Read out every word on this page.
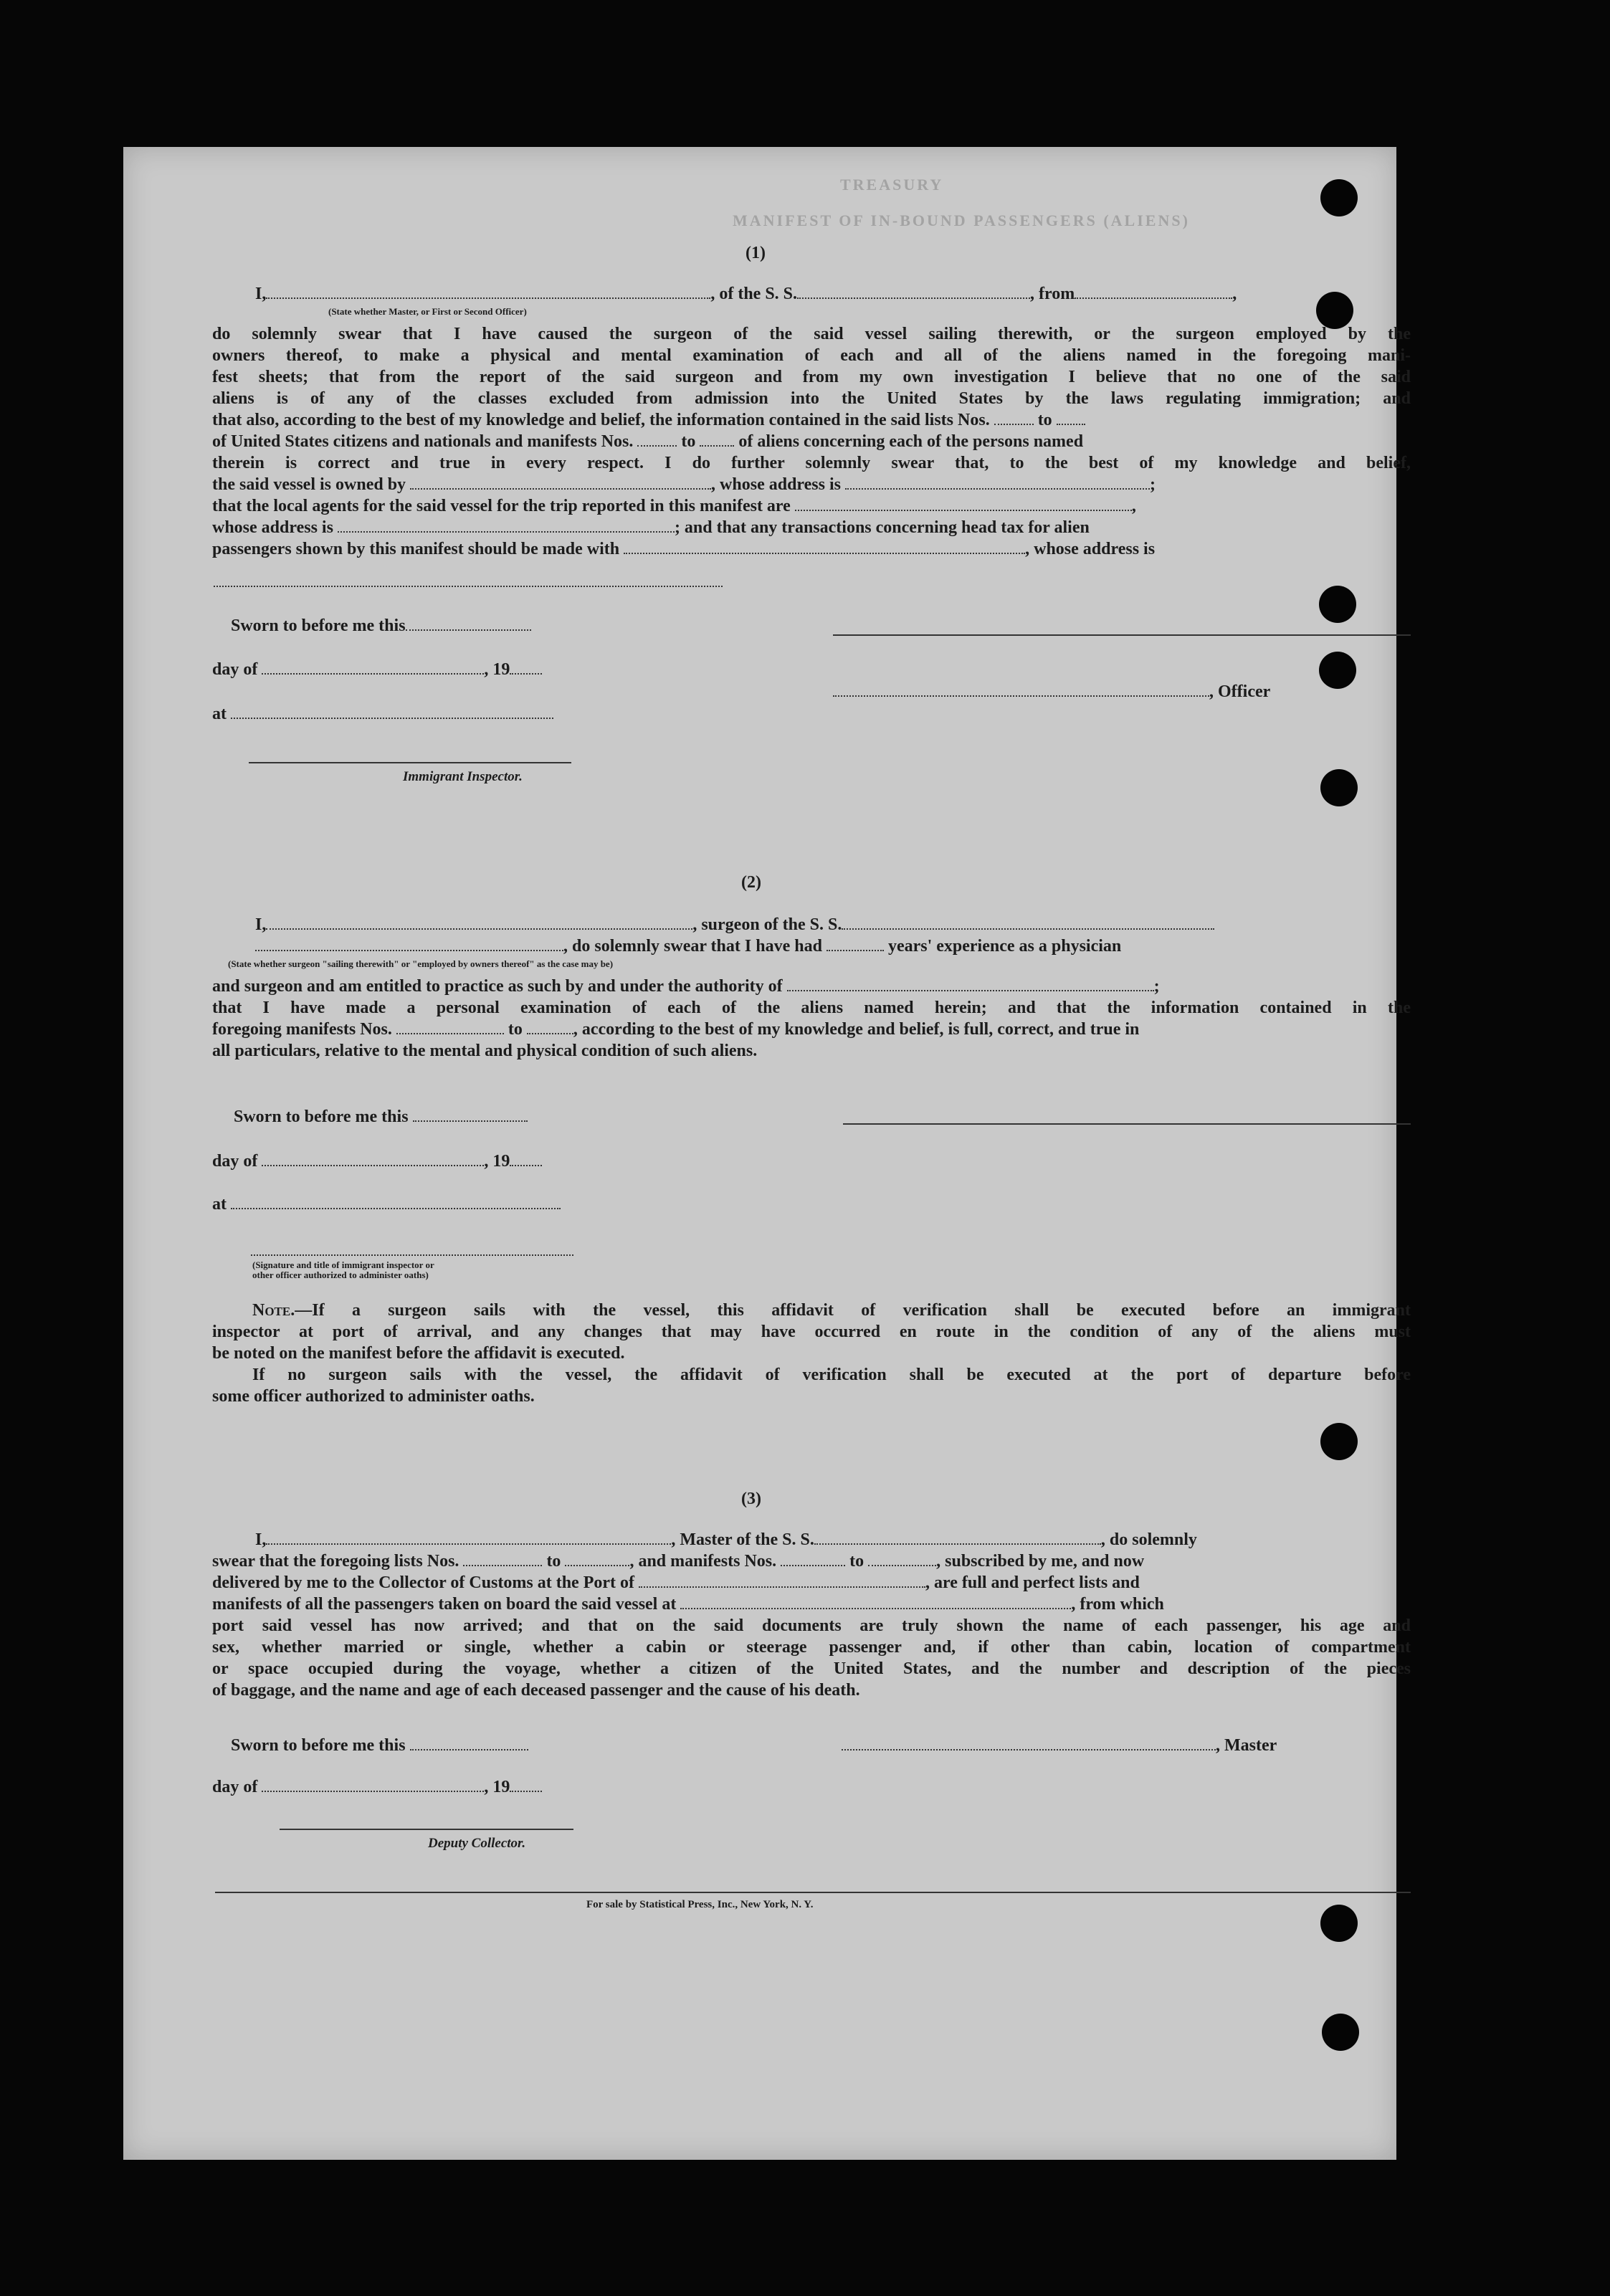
TREASURY
MANIFEST OF IN-BOUND PASSENGERS (ALIENS)
(1)
I,	, of the S. S.	, from	,
(State whether Master, or First or Second Officer)
do solemnly swear that I have caused the surgeon of the said vessel sailing therewith, or the surgeon employed by the
owners thereof, to make a physical and mental examination of each and all of the aliens named in the foregoing mani-
fest sheets; that from the report of the said surgeon and from my own investigation I believe that no one of the said
aliens is of any of the classes excluded from admission into the United States by the laws regulating immigration; and
that also, according to the best of my knowledge and belief, the information contained in the said lists Nos.	to
of United States citizens and nationals and manifests Nos.	to	of aliens concerning each of the persons named
therein is correct and true in every respect. I do further solemnly swear that, to the best of my knowledge and belief,
the said vessel is owned by	, whose address is	;
that the local agents for the said vessel for the trip reported in this manifest are	,
whose address is	; and that any transactions concerning head tax for alien
passengers shown by this manifest should be made with	, whose address is
Sworn to before me this
day of	, 19
, Officer
at
Immigrant Inspector.
(2)
I,	, surgeon of the S. S.
, do solemnly swear that I have had	years' experience as a physician
(State whether surgeon "sailing therewith" or "employed by owners thereof" as the case may be)
and surgeon and am entitled to practice as such by and under the authority of	;
that I have made a personal examination of each of the aliens named herein; and that the information contained in the
foregoing manifests Nos.	to	, according to the best of my knowledge and belief, is full, correct, and true in
all particulars, relative to the mental and physical condition of such aliens.
Sworn to before me this
day of	, 19
at
(Signature and title of immigrant inspector or
other officer authorized to administer oaths)
Note.—If a surgeon sails with the vessel, this affidavit of verification shall be executed before an immigrant
inspector at port of arrival, and any changes that may have occurred en route in the condition of any of the aliens must
be noted on the manifest before the affidavit is executed.
If no surgeon sails with the vessel, the affidavit of verification shall be executed at the port of departure before
some officer authorized to administer oaths.
(3)
I,	, Master of the S. S.	, do solemnly
swear that the foregoing lists Nos.	to	, and manifests Nos.	to	, subscribed by me, and now
delivered by me to the Collector of Customs at the Port of	, are full and perfect lists and
manifests of all the passengers taken on board the said vessel at	, from which
port said vessel has now arrived; and that on the said documents are truly shown the name of each passenger, his age and
sex, whether married or single, whether a cabin or steerage passenger and, if other than cabin, location of compartment
or space occupied during the voyage, whether a citizen of the United States, and the number and description of the pieces
of baggage, and the name and age of each deceased passenger and the cause of his death.
Sworn to before me this	, Master
day of	, 19
Deputy Collector.
For sale by Statistical Press, Inc., New York, N. Y.
